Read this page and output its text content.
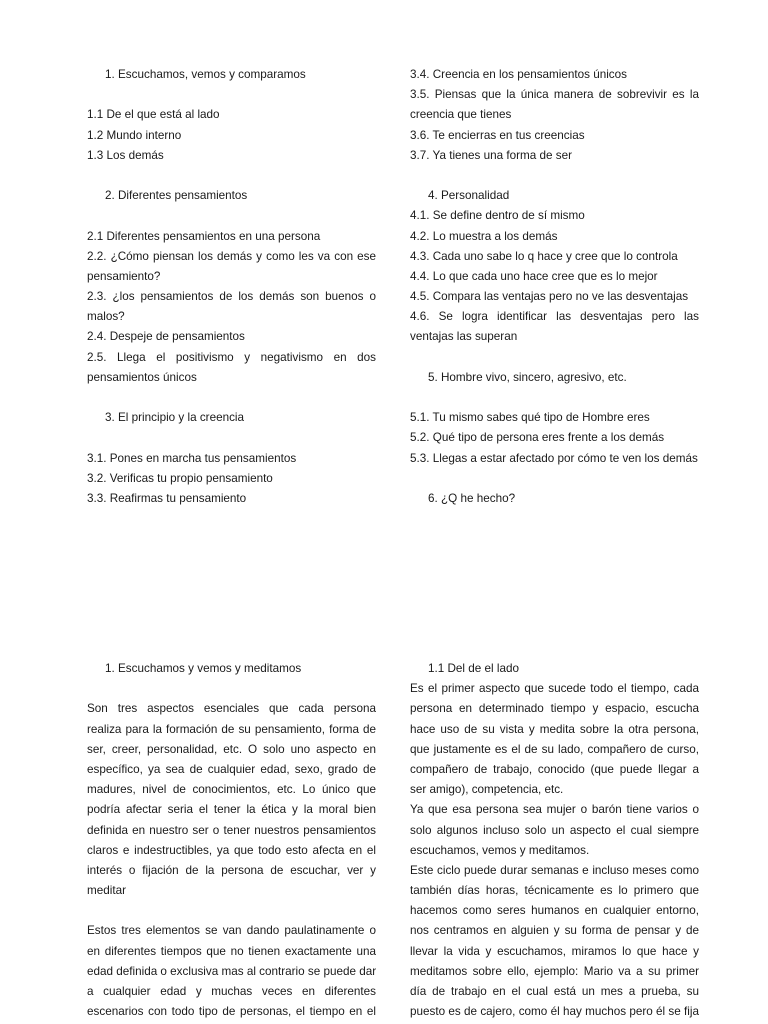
1. Escuchamos, vemos y comparamos
1.1 De el que está al lado
1.2 Mundo interno
1.3 Los demás
2. Diferentes pensamientos
2.1 Diferentes pensamientos en una persona
2.2. ¿Cómo piensan los demás y como les va con ese
pensamiento?
2.3. ¿los pensamientos de los demás son buenos o
malos?
2.4. Despeje de pensamientos
2.5. Llega el positivismo y negativismo en dos
pensamientos únicos
3. El principio y la creencia
3.1. Pones en marcha tus pensamientos
3.2. Verificas tu propio pensamiento
3.3. Reafirmas tu pensamiento
3.4. Creencia en los pensamientos únicos
3.5. Piensas que la única manera de sobrevivir es la
creencia que tienes
3.6. Te encierras en tus creencias
3.7. Ya tienes una forma de ser
4. Personalidad
4.1. Se define dentro de sí mismo
4.2. Lo muestra a los demás
4.3. Cada uno sabe lo q hace y cree que lo controla
4.4. Lo que cada uno hace cree que es lo mejor
4.5. Compara las ventajas pero no ve las desventajas
4.6. Se logra identificar las desventajas pero las
ventajas las superan
5. Hombre vivo, sincero, agresivo, etc.
5.1. Tu mismo sabes qué tipo de Hombre eres
5.2. Qué tipo de persona eres frente a los demás
5.3. Llegas a estar afectado por cómo te ven los demás
6. ¿Q he hecho?
1. Escuchamos y vemos y meditamos
Son tres aspectos esenciales que cada persona
realiza para la formación de su pensamiento, forma de
ser, creer, personalidad, etc. O solo uno aspecto en
específico, ya sea de cualquier edad, sexo, grado de
madures, nivel de conocimientos, etc. Lo único que
podría afectar seria el tener la ética y la moral bien
definida en nuestro ser o tener nuestros pensamientos
claros e indestructibles, ya que todo esto afecta en el
interés o fijación de la persona de escuchar, ver y
meditar
Estos tres elementos se van dando paulatinamente o
en diferentes tiempos que no tienen exactamente una
edad definida o exclusiva mas al contrario se puede dar
a cualquier edad y muchas veces en diferentes
escenarios con todo tipo de personas, el tiempo en el
1.1 Del de el lado
Es el primer aspecto que sucede todo el tiempo, cada
persona en determinado tiempo y espacio, escucha
hace uso de su vista y medita sobre la otra persona,
que justamente es el de su lado, compañero de curso,
compañero de trabajo, conocido (que puede llegar a
ser amigo), competencia, etc.
Ya que esa persona sea mujer o barón tiene varios o
solo algunos incluso solo un aspecto el cual siempre
escuchamos, vemos y meditamos.
Este ciclo puede durar semanas e incluso meses como
también días horas, técnicamente es lo primero que
hacemos como seres humanos en cualquier entorno,
nos centramos en alguien y su forma de pensar y de
llevar la vida y escuchamos, miramos lo que hace y
meditamos sobre ello, ejemplo: Mario va a su primer
día de trabajo en el cual está un mes a prueba, su
puesto es de cajero, como él hay muchos pero él se fija
